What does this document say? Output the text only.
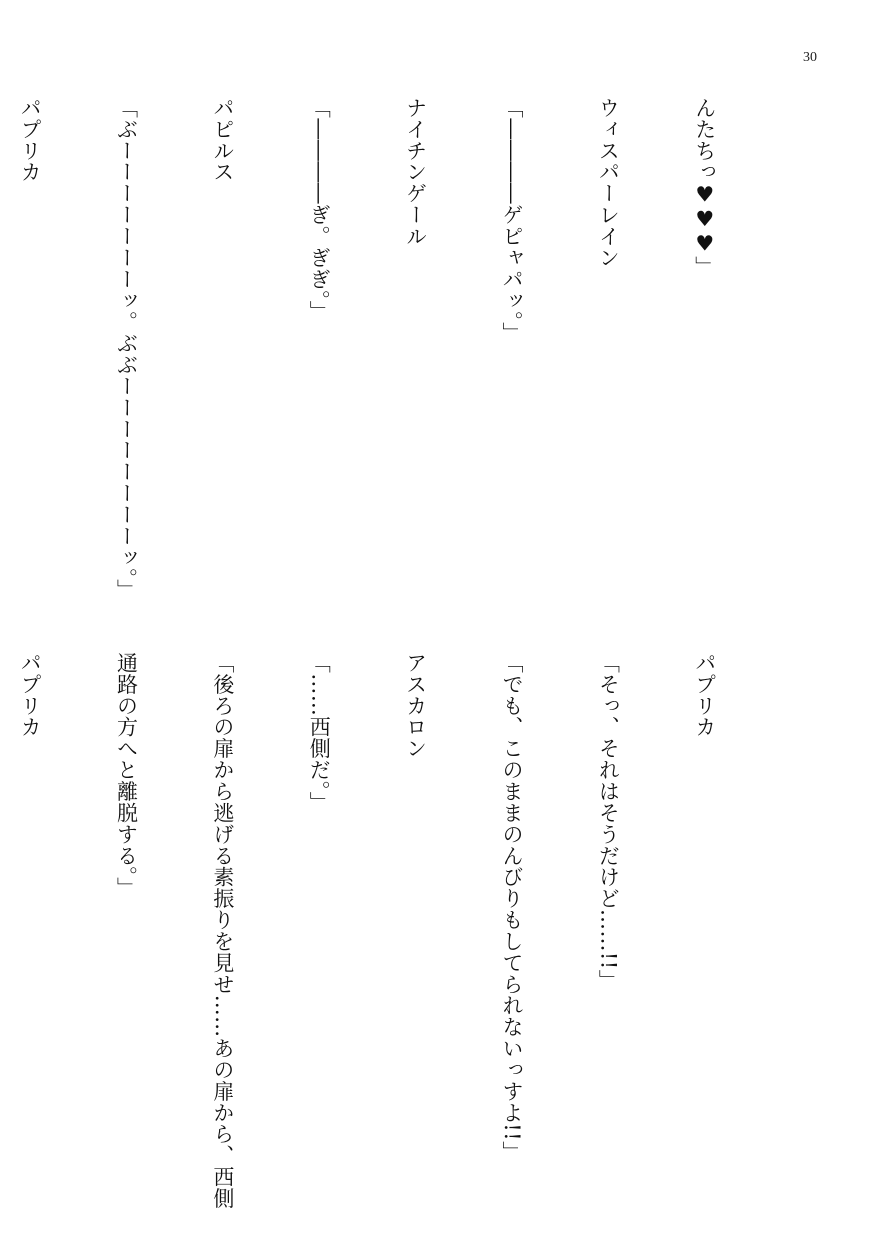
30

んたちっ♥♥♥」

ウィスパーレイン

「――――ゲピャパッ。」

ナイチンゲール

「――――ぎ。ぎぎ。」

パピルス

「ぶーーーーーーーッ。ぶぶーーーーーーーーッ。」

パプリカ

パプリカ

「そっ、それはそうだけど……!!」

「でも、このままのんびりもしてられないっすよ!!」

アスカロン

「……西側だ。」

「後ろの扉から逃げる素振りを見せ……あの扉から、西側

通路の方へと離脱する。」

パプリカ
